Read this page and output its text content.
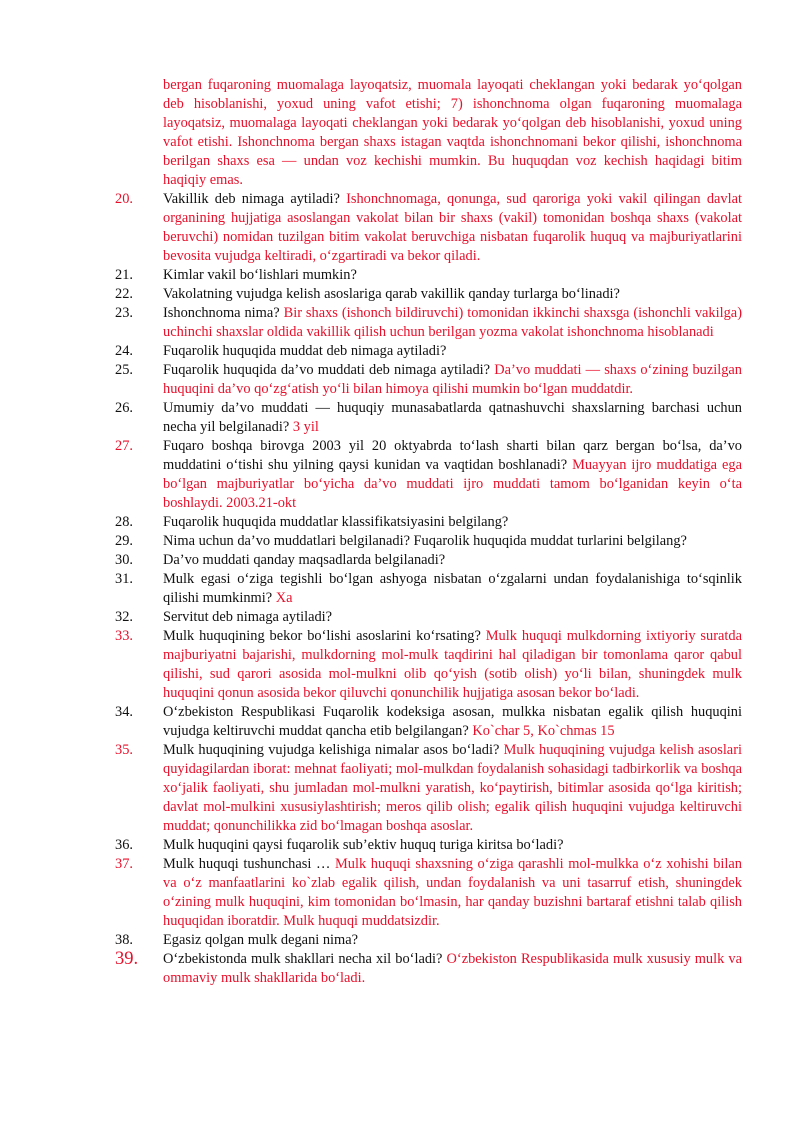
bergan fuqaroning muomalaga layoqatsiz, muomala layoqati cheklangan yoki bedarak yo‘qolgan deb hisoblanishi, yoxud uning vafot etishi; 7) ishonchnoma olgan fuqaroning muomalaga layoqatsiz, muomalaga layoqati cheklangan yoki bedarak yo‘qolgan deb hisoblanishi, yoxud uning vafot etishi. Ishonchnoma bergan shaxs istagan vaqtda ishonchnomani bekor qilishi, ishonchnoma berilgan shaxs esa — undan voz kechishi mumkin. Bu huquqdan voz kechish haqidagi bitim haqiqiy emas.
20.	Vakillik deb nimaga aytiladi? Ishonchnomaga, qonunga, sud qaroriga yoki vakil qilingan davlat organining hujjatiga asoslangan vakolat bilan bir shaxs (vakil) tomonidan boshqa shaxs (vakolat beruvchi) nomidan tuzilgan bitim vakolat beruvchiga nisbatan fuqarolik huquq va majburiyatlarini bevosita vujudga keltiradi, o‘zgartiradi va bekor qiladi.
21.	Kimlar vakil bo‘lishlari mumkin?
22.	Vakolatning vujudga kelish asoslariga qarab vakillik qanday turlarga bo‘linadi?
23.	Ishonchnoma nima? Bir shaxs (ishonch bildiruvchi) tomonidan ikkinchi shaxsga (ishonchli vakilga) uchinchi shaxslar oldida vakillik qilish uchun berilgan yozma vakolat ishonchnoma hisoblanadi
24.	Fuqarolik huquqida muddat deb nimaga aytiladi?
25.	Fuqarolik huquqida da’vo muddati deb nimaga aytiladi? Da’vo muddati — shaxs o‘zining buzilgan huquqini da’vo qo‘zg‘atish yo‘li bilan himoya qilishi mumkin bo‘lgan muddatdir.
26.	Umumiy da’vo muddati — huquqiy munasabatlarda qatnashuvchi shaxslarning barchasi uchun necha yil belgilanadi? 3 yil
27.	Fuqaro boshqa birovga 2003 yil 20 oktyabrda to‘lash sharti bilan qarz bergan bo‘lsa, da’vo muddatini o‘tishi shu yilning qaysi kunidan va vaqtidan boshlanadi? Muayyan ijro muddatiga ega bo‘lgan majburiyatlar bo‘yicha da’vo muddati ijro muddati tamom bo‘lganidan keyin o‘ta boshlaydi. 2003.21-okt
28.	Fuqarolik huquqida muddatlar klassifikatsiyasini belgilang?
29.	Nima uchun da’vo muddatlari belgilanadi? Fuqarolik huquqida muddat turlarini belgilang?
30.	Da’vo muddati qanday maqsadlarda belgilanadi?
31.	Mulk egasi o‘ziga tegishli bo‘lgan ashyoga nisbatan o‘zgalarni undan foydalanishiga to‘sqinlik qilishi mumkinmi? Xa
32.	Servitut deb nimaga aytiladi?
33.	Mulk huquqining bekor bo‘lishi asoslarini ko‘rsating? Mulk huquqi mulkdorning ixtiyoriy suratda majburiyatni bajarishi, mulkdorning mol-mulk taqdirini hal qiladigan bir tomonlama qaror qabul qilishi, sud qarori asosida mol-mulkni olib qo‘yish (sotib olish) yo‘li bilan, shuningdek mulk huquqini qonun asosida bekor qiluvchi qonunchilik hujjatiga asosan bekor bo‘ladi.
34.	O‘zbekiston Respublikasi Fuqarolik kodeksiga asosan, mulkka nisbatan egalik qilish huquqini vujudga keltiruvchi muddat qancha etib belgilangan? Ko`char 5, Ko`chmas 15
35.	Mulk huquqining vujudga kelishiga nimalar asos bo‘ladi? Mulk huquqining vujudga kelish asoslari quyidagilardan iborat: mehnat faoliyati; mol-mulkdan foydalanish sohasidagi tadbirkorlik va boshqa xo‘jalik faoliyati, shu jumladan mol-mulkni yaratish, ko‘paytirish, bitimlar asosida qo‘lga kiritish; davlat mol-mulkini xususiylashtirish; meros qilib olish; egalik qilish huquqini vujudga keltiruvchi muddat; qonunchilikka zid bo‘lmagan boshqa asoslar.
36.	Mulk huquqini qaysi fuqarolik sub’ektiv huquq turiga kiritsa bo‘ladi?
37.	Mulk huquqi tushunchasi … Mulk huquqi shaxsning o‘ziga qarashli mol-mulkka o‘z xohishi bilan va o‘z manfaatlarini ko`zlab egalik qilish, undan foydalanish va uni tasarruf etish, shuningdek o‘zining mulk huquqini, kim tomonidan bo‘lmasin, har qanday buzishni bartaraf etishni talab qilish huquqidan iboratdir. Mulk huquqi muddatsizdir.
38.	Egasiz qolgan mulk degani nima?
39.	O‘zbekistonda mulk shakllari necha xil bo‘ladi? O‘zbekiston Respublikasida mulk xususiy mulk va ommaviy mulk shakllarida bo‘ladi.
